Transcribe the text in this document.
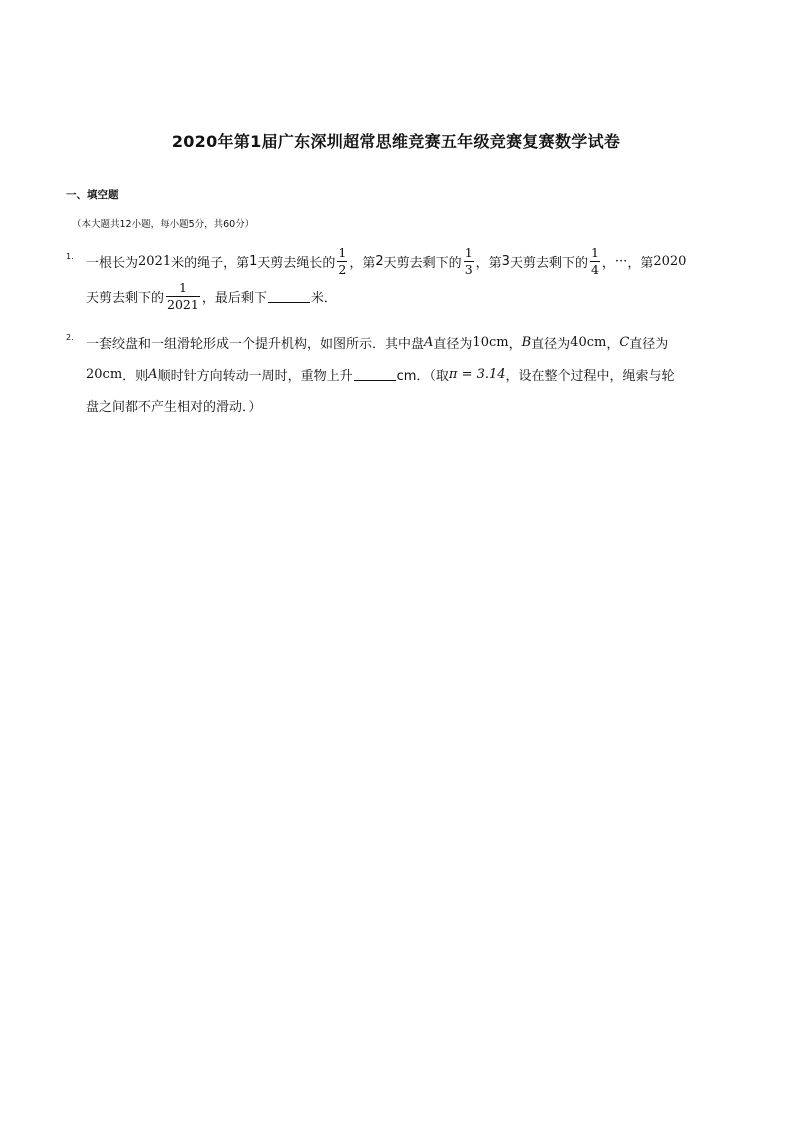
2020年第1届广东深圳超常思维竞赛五年级竞赛复赛数学试卷
一、填空题
（本大题共12小题，每小题5分，共60分）
1. 一根长为 2021 米的绳子，第 1 天剪去绳长的 $\frac{1}{2}$ ，第 2 天剪去剩下的 $\frac{1}{3}$ ，第 3 天剪去剩下的 $\frac{1}{4}$ ， ··· ，第 2020
天剪去剩下的 $\frac{1}{2021}$ ，最后剩下	米．
2. 一套绞盘和一组滑轮形成一个提升机构，如图所示．其中盘 A 直径为 10cm ， B 直径为 40cm ， C 直径为
20cm ．则 A 顺时针方向转动一周时，重物上升	cm．（取 π = 3.14 ，设在整个过程中，绳索与轮
盘之间都不产生相对的滑动．）
